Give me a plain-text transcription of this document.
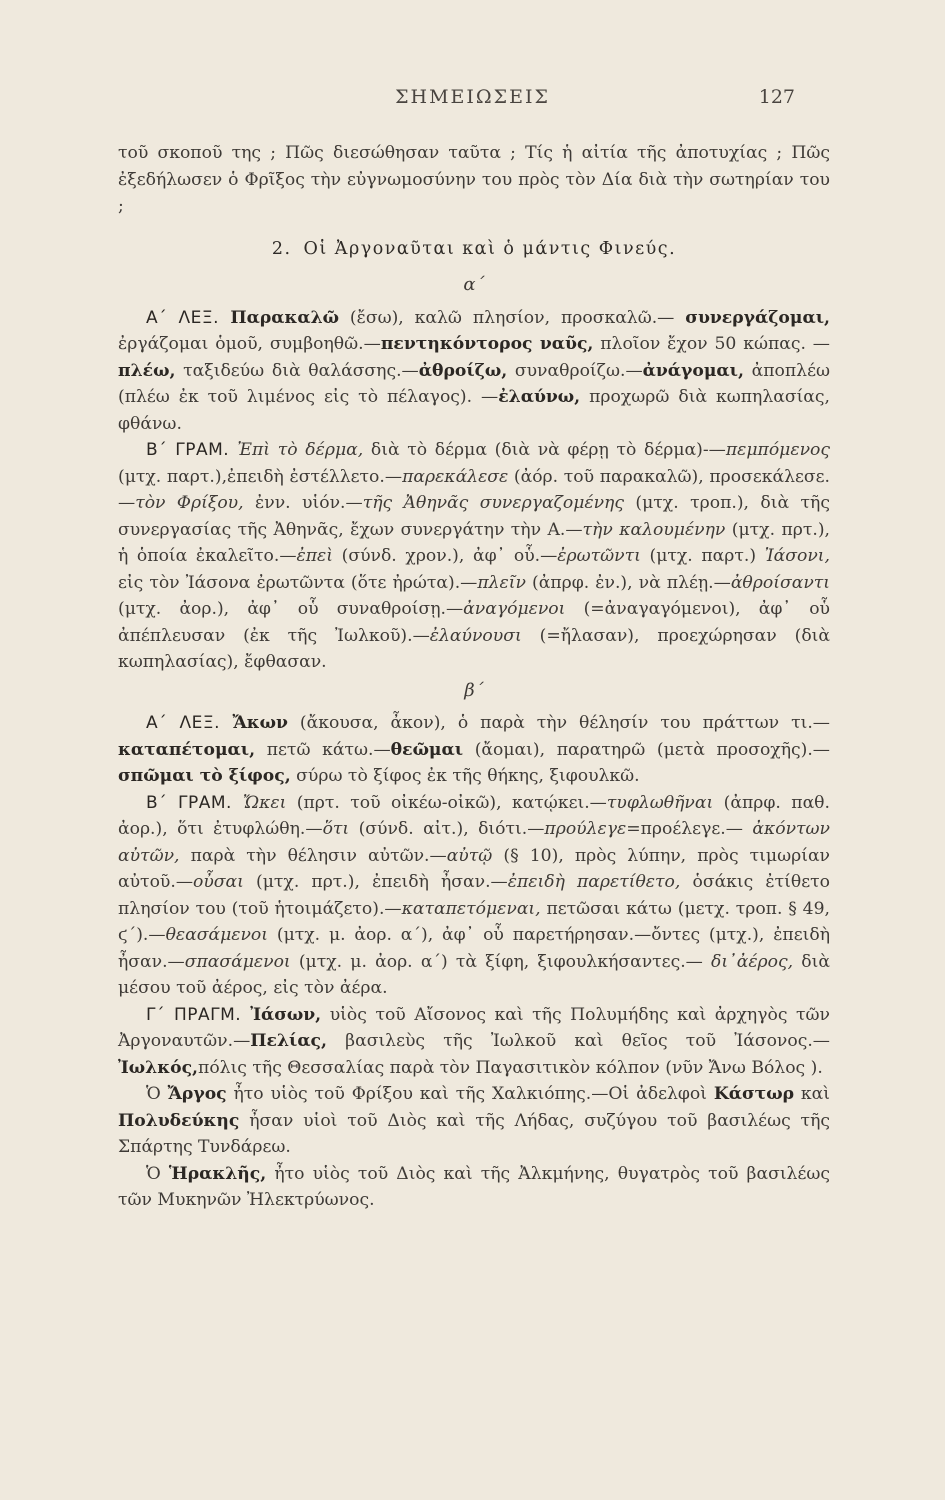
ΣΗΜΕΙΩΣΕΙΣ	127

τοῦ σκοποῦ της ; Πῶς διεσώθησαν ταῦτα ; Τίς ἡ αἰτία τῆς ἀποτυχίας ; Πῶς ἐξεδήλωσεν ὁ Φρῖξος τὴν εὐγνωμοσύνην του πρὸς τὸν Δία διὰ τὴν σωτηρίαν του ;

2. Οἱ Ἀργοναῦται καὶ ὁ μάντις Φινεύς.

α΄

Α΄ ΛΕΞ. Παρακαλῶ (ἔσω), καλῶ πλησίον, προσκαλῶ.— συνεργάζομαι, ἐργάζομαι ὁμοῦ, συμβοηθῶ.—πεντηκόντορος ναῦς, πλοῖον ἔχον 50 κώπας. —πλέω, ταξιδεύω διὰ θαλάσσης.—ἀθροίζω, συναθροίζω.—ἀνάγομαι, ἀποπλέω (πλέω ἐκ τοῦ λιμένος εἰς τὸ πέλαγος). —ἐλαύνω, προχωρῶ διὰ κωπηλασίας, φθάνω.

Β΄ ΓΡΑΜ. Ἐπὶ τὸ δέρμα, διὰ τὸ δέρμα (διὰ νὰ φέρῃ τὸ δέρμα)-—πεμπόμενος (μτχ. παρτ.),ἐπειδὴ ἐστέλλετο.—παρεκάλεσε (ἀόρ. τοῦ παρακαλῶ), προσεκάλεσε.—τὸν Φρίξου, ἐνν. υἱόν.—τῆς Ἀθηνᾶς συνεργαζομένης (μτχ. τροπ.), διὰ τῆς συνεργασίας τῆς Ἀθηνᾶς, ἔχων συνεργάτην τὴν Α.—τὴν καλουμένην (μτχ. πρτ.), ἡ ὁποία ἐκαλεῖτο.—ἐπεὶ (σύνδ. χρον.), ἀφ᾽ οὗ.—ἐρωτῶντι (μτχ. παρτ.) Ἰάσονι, εἰς τὸν Ἰάσονα ἐρωτῶντα (ὅτε ἠρώτα).—πλεῖν (ἀπρφ. ἐν.), νὰ πλέῃ.—ἀθροίσαντι (μτχ. ἀορ.), ἀφ᾽ οὗ συναθροίσῃ.—ἀναγόμενοι (=ἀναγαγόμενοι), ἀφ᾽ οὗ ἀπέπλευσαν (ἐκ τῆς Ἰωλκοῦ).—ἐλαύνουσι (=ἤλασαν), προεχώρησαν (διὰ κωπηλασίας), ἔφθασαν.

β΄

Α΄ ΛΕΞ. Ἄκων (ἄκουσα, ἆκον), ὁ παρὰ τὴν θέλησίν του πράττων τι.— καταπέτομαι, πετῶ κάτω.—θεῶμαι (ἄομαι), παρατηρῶ (μετὰ προσοχῆς).— σπῶμαι τὸ ξίφος, σύρω τὸ ξίφος ἐκ τῆς θήκης, ξιφουλκῶ.

Β΄ ΓΡΑΜ. Ὤκει (πρτ. τοῦ οἰκέω-οἰκῶ), κατῴκει.—τυφλωθῆναι (ἀπρφ. παθ. ἀορ.), ὅτι ἐτυφλώθη.—ὅτι (σύνδ. αἰτ.), διότι.—προύλεγε=προέλεγε.— ἀκόντων αὐτῶν, παρὰ τὴν θέλησιν αὐτῶν.—αὐτῷ (§ 10), πρὸς λύπην, πρὸς τιμωρίαν αὐτοῦ.—οὖσαι (μτχ. πρτ.), ἐπειδὴ ἦσαν.—ἐπειδὴ παρετίθετο, ὁσάκις ἐτίθετο πλησίον του (τοῦ ἡτοιμάζετο).—καταπετόμεναι, πετῶσαι κάτω (μετχ. τροπ. § 49, ϛ΄).—θεασάμενοι (μτχ. μ. ἀορ. α΄), ἀφ᾽ οὗ παρετήρησαν.—ὄντες (μτχ.), ἐπειδὴ ἦσαν.—σπασάμενοι (μτχ. μ. ἀορ. α΄) τὰ ξίφη, ξιφουλκήσαντες.— δι᾽ἀέρος, διὰ μέσου τοῦ ἀέρος, εἰς τὸν ἀέρα.

Γ΄ ΠΡΑΓΜ. Ἰάσων, υἱὸς τοῦ Αἴσονος καὶ τῆς Πολυμήδης καὶ ἀρχηγὸς τῶν Ἀργοναυτῶν.—Πελίας, βασιλεὺς τῆς Ἰωλκοῦ καὶ θεῖος τοῦ Ἰάσονος.— Ἰωλκός,πόλις τῆς Θεσσαλίας παρὰ τὸν Παγασιτικὸν κόλπον (νῦν Ἄνω Βόλος ).

Ὁ Ἄργος ἦτο υἱὸς τοῦ Φρίξου καὶ τῆς Χαλκιόπης.—Οἱ ἀδελφοὶ Κάστωρ καὶ Πολυδεύκης ἦσαν υἱοὶ τοῦ Διὸς καὶ τῆς Λήδας, συζύγου τοῦ βασιλέως τῆς Σπάρτης Τυνδάρεω.

Ὁ Ἡρακλῆς, ἦτο υἱὸς τοῦ Διὸς καὶ τῆς Ἀλκμήνης, θυγατρὸς τοῦ βασιλέως τῶν Μυκηνῶν Ἠλεκτρύωνος.
